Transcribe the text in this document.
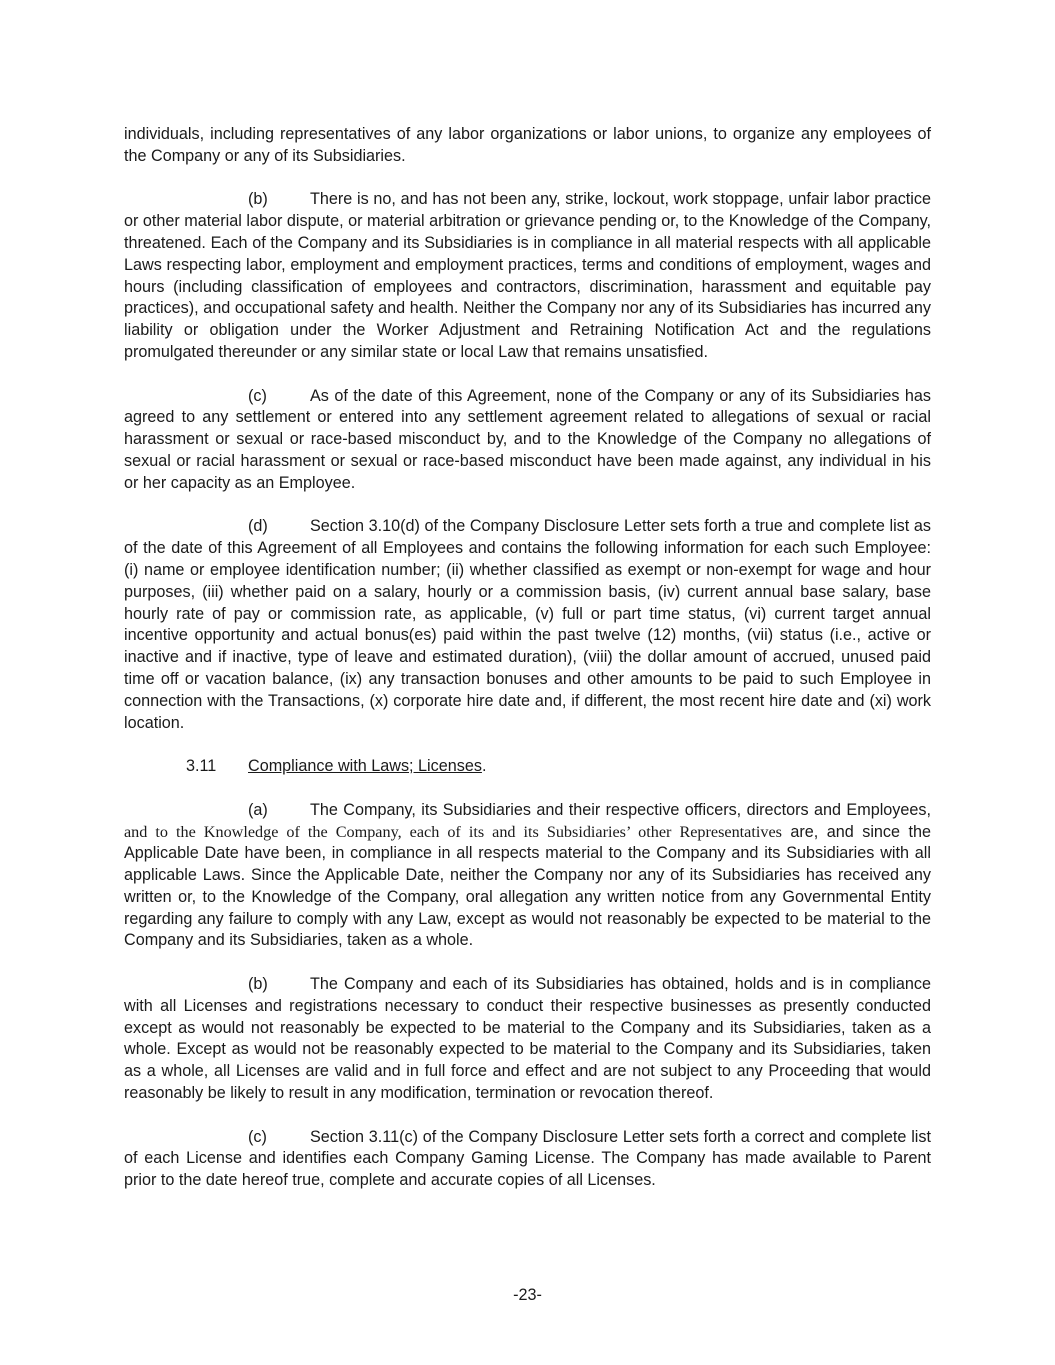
individuals, including representatives of any labor organizations or labor unions, to organize any employees of the Company or any of its Subsidiaries.

(b)	There is no, and has not been any, strike, lockout, work stoppage, unfair labor practice or other material labor dispute, or material arbitration or grievance pending or, to the Knowledge of the Company, threatened. Each of the Company and its Subsidiaries is in compliance in all material respects with all applicable Laws respecting labor, employment and employment practices, terms and conditions of employment, wages and hours (including classification of employees and contractors, discrimination, harassment and equitable pay practices), and occupational safety and health. Neither the Company nor any of its Subsidiaries has incurred any liability or obligation under the Worker Adjustment and Retraining Notification Act and the regulations promulgated thereunder or any similar state or local Law that remains unsatisfied.

(c)	As of the date of this Agreement, none of the Company or any of its Subsidiaries has agreed to any settlement or entered into any settlement agreement related to allegations of sexual or racial harassment or sexual or race-based misconduct by, and to the Knowledge of the Company no allegations of sexual or racial harassment or sexual or race-based misconduct have been made against, any individual in his or her capacity as an Employee.

(d)	Section 3.10(d) of the Company Disclosure Letter sets forth a true and complete list as of the date of this Agreement of all Employees and contains the following information for each such Employee: (i) name or employee identification number; (ii) whether classified as exempt or non-exempt for wage and hour purposes, (iii) whether paid on a salary, hourly or a commission basis, (iv) current annual base salary, base hourly rate of pay or commission rate, as applicable, (v) full or part time status, (vi) current target annual incentive opportunity and actual bonus(es) paid within the past twelve (12) months, (vii) status (i.e., active or inactive and if inactive, type of leave and estimated duration), (viii) the dollar amount of accrued, unused paid time off or vacation balance, (ix) any transaction bonuses and other amounts to be paid to such Employee in connection with the Transactions, (x) corporate hire date and, if different, the most recent hire date and (xi) work location.

3.11 Compliance with Laws; Licenses.

(a)	The Company, its Subsidiaries and their respective officers, directors and Employees, and to the Knowledge of the Company, each of its and its Subsidiaries’ other Representatives are, and since the Applicable Date have been, in compliance in all respects material to the Company and its Subsidiaries with all applicable Laws. Since the Applicable Date, neither the Company nor any of its Subsidiaries has received any written or, to the Knowledge of the Company, oral allegation any written notice from any Governmental Entity regarding any failure to comply with any Law, except as would not reasonably be expected to be material to the Company and its Subsidiaries, taken as a whole.

(b)	The Company and each of its Subsidiaries has obtained, holds and is in compliance with all Licenses and registrations necessary to conduct their respective businesses as presently conducted except as would not reasonably be expected to be material to the Company and its Subsidiaries, taken as a whole. Except as would not be reasonably expected to be material to the Company and its Subsidiaries, taken as a whole, all Licenses are valid and in full force and effect and are not subject to any Proceeding that would reasonably be likely to result in any modification, termination or revocation thereof.

(c)	Section 3.11(c) of the Company Disclosure Letter sets forth a correct and complete list of each License and identifies each Company Gaming License. The Company has made available to Parent prior to the date hereof true, complete and accurate copies of all Licenses.

-23-
